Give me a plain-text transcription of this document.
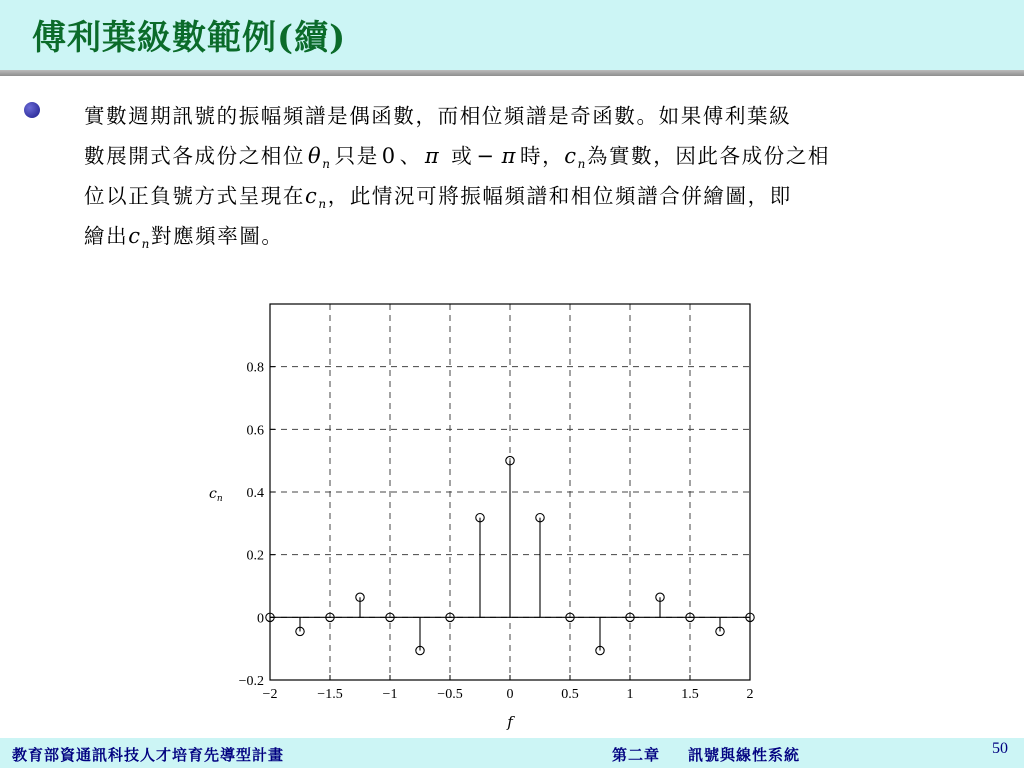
傅利葉級數範例(續)
實數週期訊號的振幅頻譜是偶函數，而相位頻譜是奇函數。如果傅利葉級
數展開式各成份之相位 $\theta_n$ 只是 0 、 π 或 − π 時，$c_n$為實數，因此各成份之相
位以正負號方式呈現在$c_n$，此情況可將振幅頻譜和相位頻譜合併繪圖，即
繪出$c_n$對應頻率圖。
−2	−1.5	−1	−0.5	0	0.5	1	1.5	2
−0.2
0
0.2
0.4
0.6
0.8
f
$c_n$
教育部資通訊科技人才培育先導型計畫	第二章 訊號與線性系統	50
